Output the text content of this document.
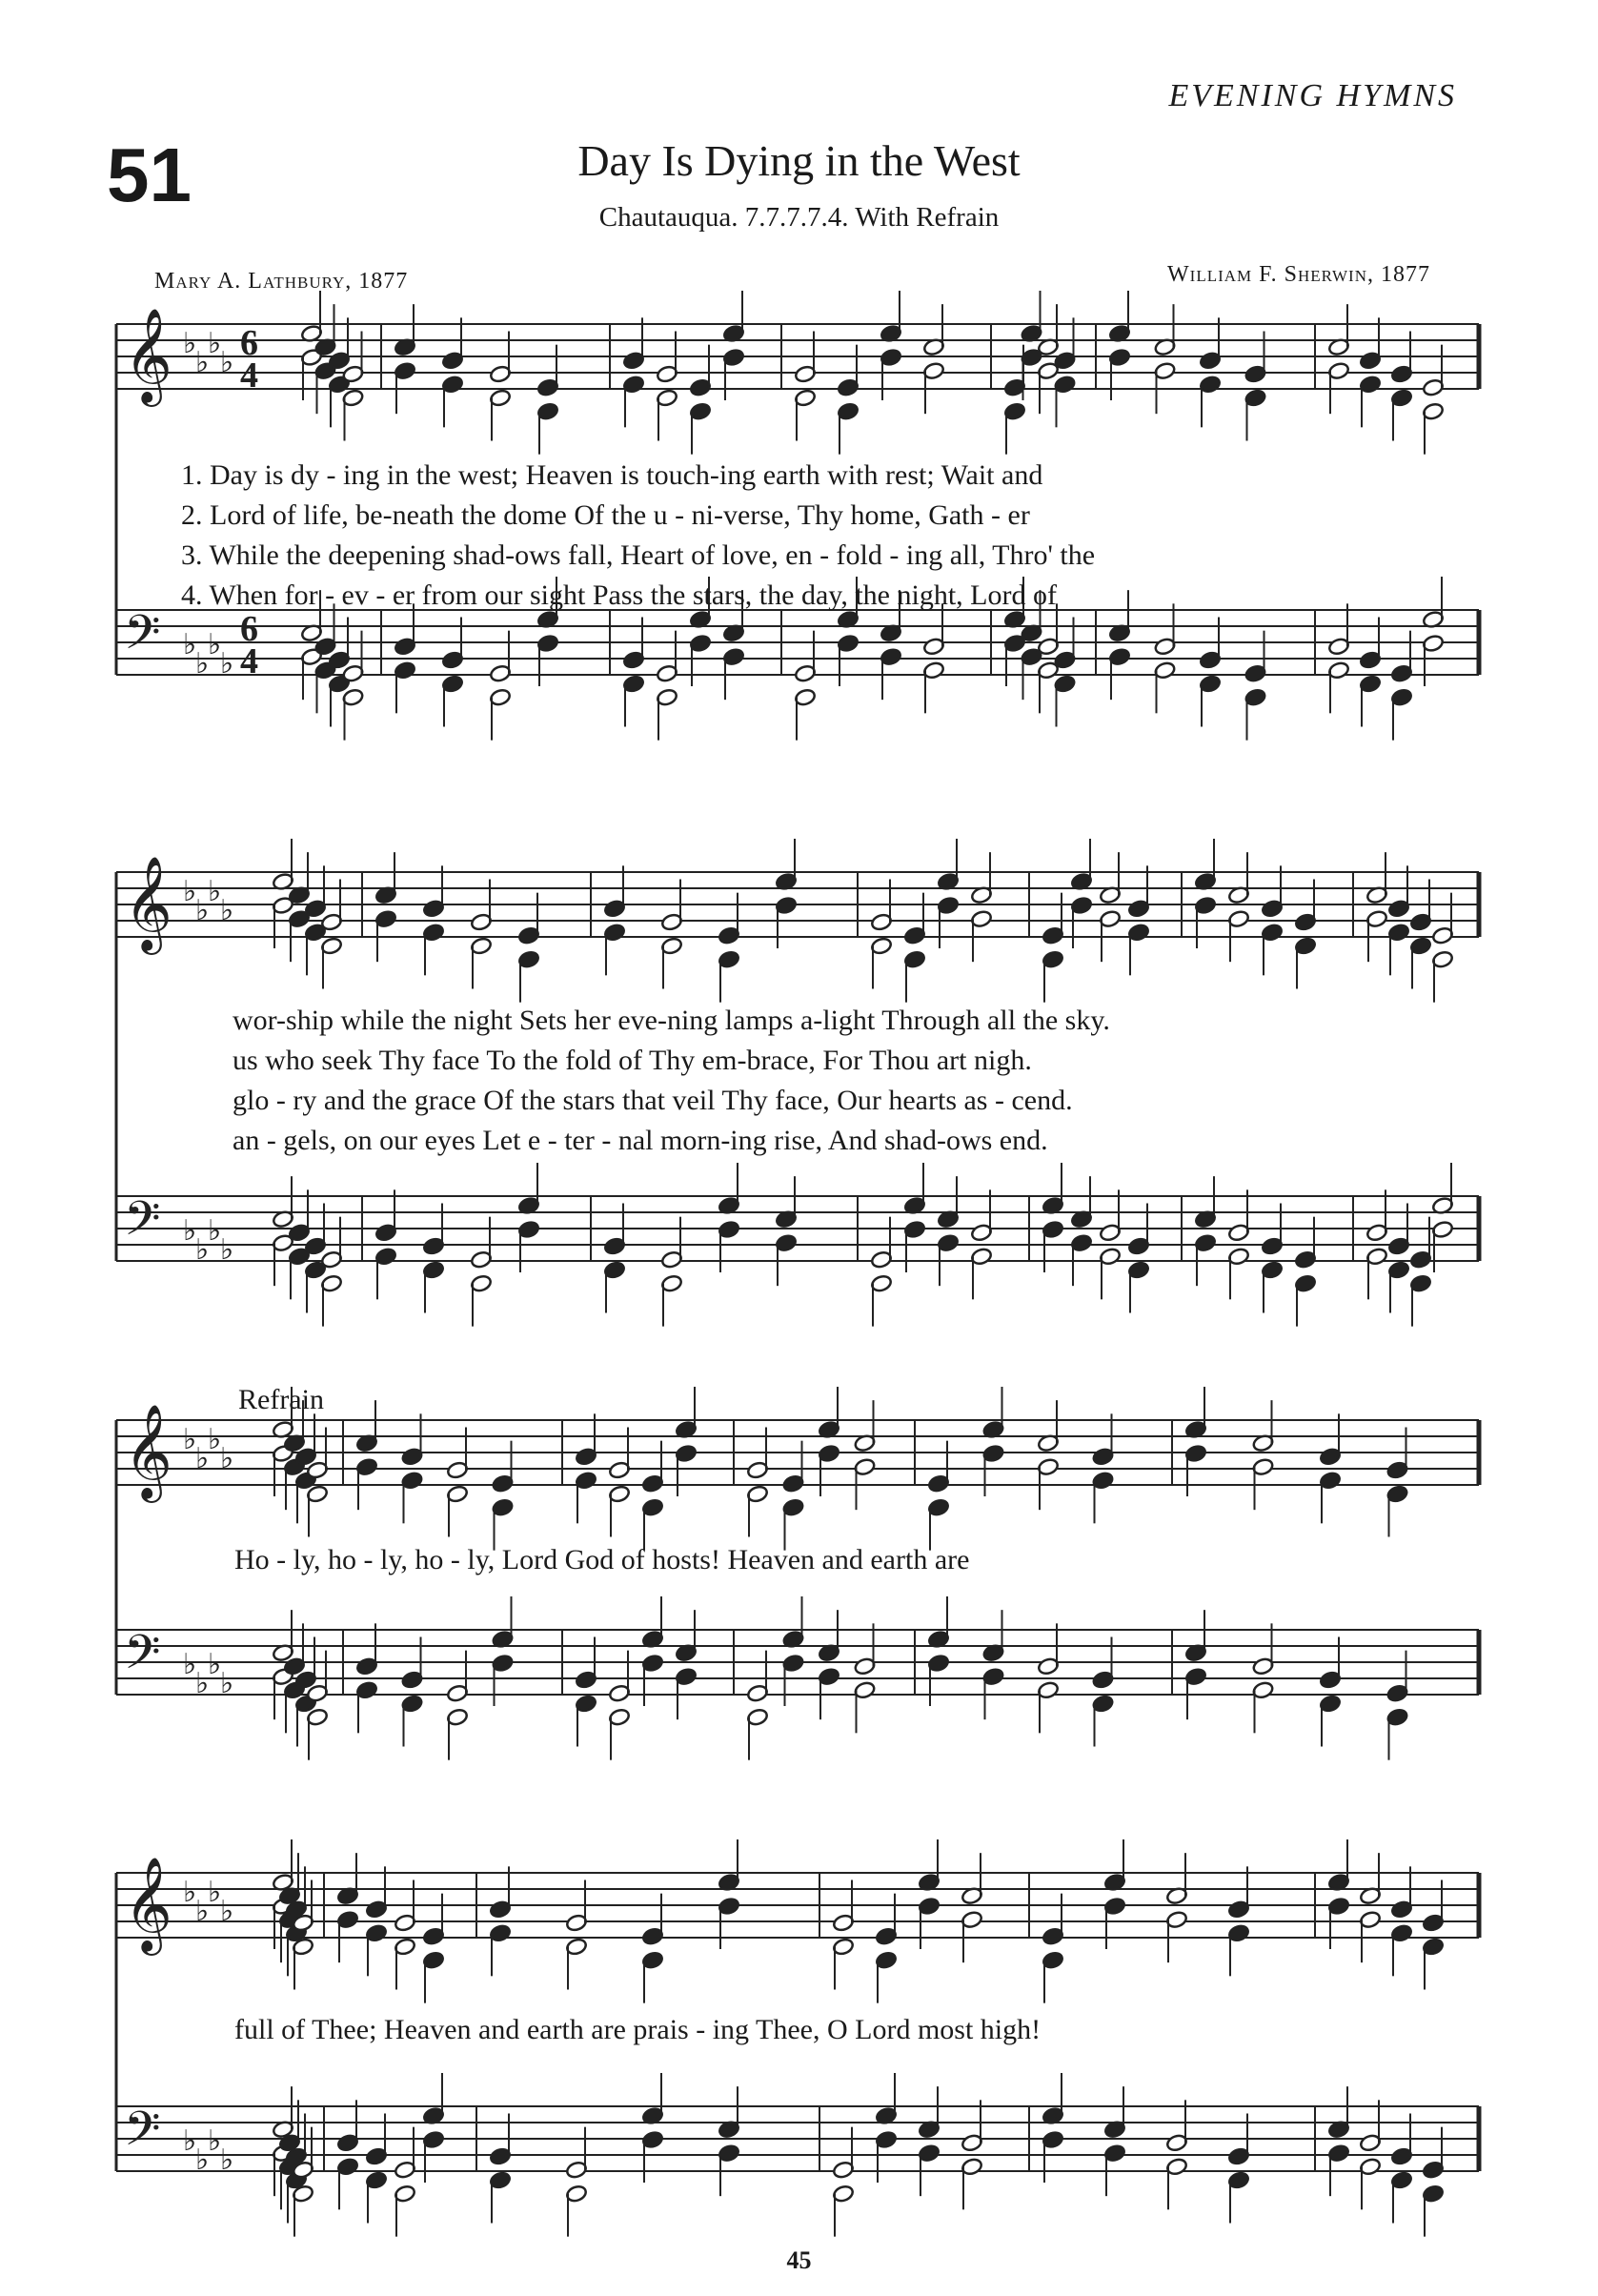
EVENING HYMNS
51	Day Is Dying in the West
Chautauqua. 7.7.7.7.4. With Refrain
Mary A. Lathbury, 1877	William F. Sherwin, 1877
𝄞 ♭
♭
♭
♭ 6
4
𝄢 ♭
♭
♭
♭
6
4
1. Day is dy - ing in the west; Heaven is touch-ing earth with rest; Wait and
2. Lord of life, be-neath the dome Of the u - ni-verse, Thy home, Gath - er
3. While the deepening shad-ows fall, Heart of love, en - fold - ing all, Thro' the
4. When for - ev - er from our sight Pass the stars, the day, the night, Lord of
𝄞 ♭
♭
♭
♭
𝄢 ♭
♭
♭
♭
wor-ship while the night Sets her eve-ning lamps a-light Through all the sky.
us who seek Thy face To the fold of Thy em-brace, For Thou art nigh.
glo - ry and the grace Of the stars that veil Thy face, Our hearts as - cend.
an - gels, on our eyes Let e - ter - nal morn-ing rise, And shad-ows end.
Refrain
𝄞 ♭
♭
♭
♭
𝄢 ♭
♭
♭
♭
Ho - ly, ho - ly, ho - ly, Lord God of hosts! Heaven and earth are
𝄞 ♭
♭
♭
♭
𝄢 ♭
♭
♭
♭
full of Thee; Heaven and earth are prais - ing Thee, O Lord most high!
45
